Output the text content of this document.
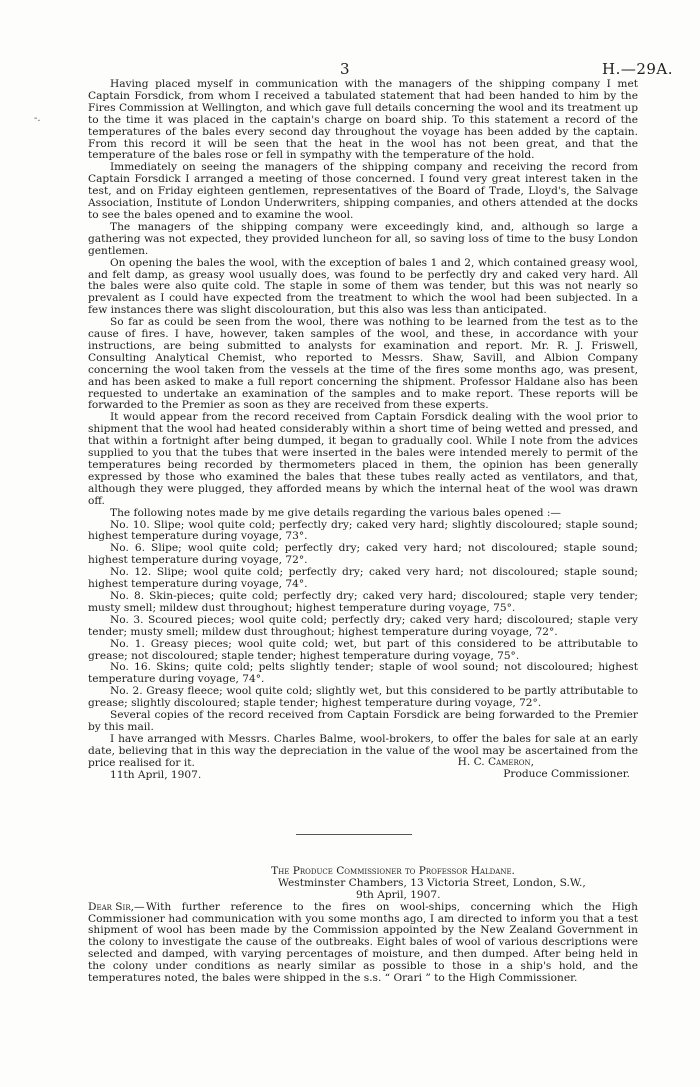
3	H.—29A.
-.

Having placed myself in communication with the managers of the shipping company I met Captain Forsdick, from whom I received a tabulated statement that had been handed to him by the Fires Commission at Wellington, and which gave full details concerning the wool and its treatment up to the time it was placed in the captain's charge on board ship. To this statement a record of the temperatures of the bales every second day throughout the voyage has been added by the captain. From this record it will be seen that the heat in the wool has not been great, and that the temperature of the bales rose or fell in sympathy with the temperature of the hold.

Immediately on seeing the managers of the shipping company and receiving the record from Captain Forsdick I arranged a meeting of those concerned. I found very great interest taken in the test, and on Friday eighteen gentlemen, representatives of the Board of Trade, Lloyd's, the Salvage Association, Institute of London Underwriters, shipping companies, and others attended at the docks to see the bales opened and to examine the wool.

The managers of the shipping company were exceedingly kind, and, although so large a gathering was not expected, they provided luncheon for all, so saving loss of time to the busy London gentlemen.

On opening the bales the wool, with the exception of bales 1 and 2, which contained greasy wool, and felt damp, as greasy wool usually does, was found to be perfectly dry and caked very hard. All the bales were also quite cold. The staple in some of them was tender, but this was not nearly so prevalent as I could have expected from the treatment to which the wool had been subjected. In a few instances there was slight discolouration, but this also was less than anticipated.

So far as could be seen from the wool, there was nothing to be learned from the test as to the cause of fires. I have, however, taken samples of the wool, and these, in accordance with your instructions, are being submitted to analysts for examination and report. Mr. R. J. Friswell, Consulting Analytical Chemist, who reported to Messrs. Shaw, Savill, and Albion Company concerning the wool taken from the vessels at the time of the fires some months ago, was present, and has been asked to make a full report concerning the shipment. Professor Haldane also has been requested to undertake an examination of the samples and to make report. These reports will be forwarded to the Premier as soon as they are received from these experts.

It would appear from the record received from Captain Forsdick dealing with the wool prior to shipment that the wool had heated considerably within a short time of being wetted and pressed, and that within a fortnight after being dumped, it began to gradually cool. While I note from the advices supplied to you that the tubes that were inserted in the bales were intended merely to permit of the temperatures being recorded by thermometers placed in them, the opinion has been generally expressed by those who examined the bales that these tubes really acted as ventilators, and that, although they were plugged, they afforded means by which the internal heat of the wool was drawn off.

The following notes made by me give details regarding the various bales opened :—

No. 10. Slipe; wool quite cold; perfectly dry; caked very hard; slightly discoloured; staple sound; highest temperature during voyage, 73°.
No. 6. Slipe; wool quite cold; perfectly dry; caked very hard; not discoloured; staple sound; highest temperature during voyage, 72°.
No. 12. Slipe; wool quite cold; perfectly dry; caked very hard; not discoloured; staple sound; highest temperature during voyage, 74°.
No. 8. Skin-pieces; quite cold; perfectly dry; caked very hard; discoloured; staple very tender; musty smell; mildew dust throughout; highest temperature during voyage, 75°.
No. 3. Scoured pieces; wool quite cold; perfectly dry; caked very hard; discoloured; staple very tender; musty smell; mildew dust throughout; highest temperature during voyage, 72°.
No. 1. Greasy pieces; wool quite cold; wet, but part of this considered to be attributable to grease; not discoloured; staple tender; highest temperature during voyage, 75°.
No. 16. Skins; quite cold; pelts slightly tender; staple of wool sound; not discoloured; highest temperature during voyage, 74°.
No. 2. Greasy fleece; wool quite cold; slightly wet, but this considered to be partly attributable to grease; slightly discoloured; staple tender; highest temperature during voyage, 72°.

Several copies of the record received from Captain Forsdick are being forwarded to the Premier by this mail.

I have arranged with Messrs. Charles Balme, wool-brokers, to offer the bales for sale at an early date, believing that in this way the depreciation in the value of the wool may be ascertained from the price realised for it.

11th April, 1907.
H. C. Cameron,
Produce Commissioner.
The Produce Commissioner to Professor Haldane.
Westminster Chambers, 13 Victoria Street, London, S.W.,
9th April, 1907.
Dear Sir,— With further reference to the fires on wool-ships, concerning which the High Commissioner had communication with you some months ago, I am directed to inform you that a test shipment of wool has been made by the Commission appointed by the New Zealand Government in the colony to investigate the cause of the outbreaks. Eight bales of wool of various descriptions were selected and damped, with varying percentages of moisture, and then dumped. After being held in the colony under conditions as nearly similar as possible to those in a ship's hold, and the temperatures noted, the bales were shipped in the s.s. “ Orari ” to the High Commissioner.
